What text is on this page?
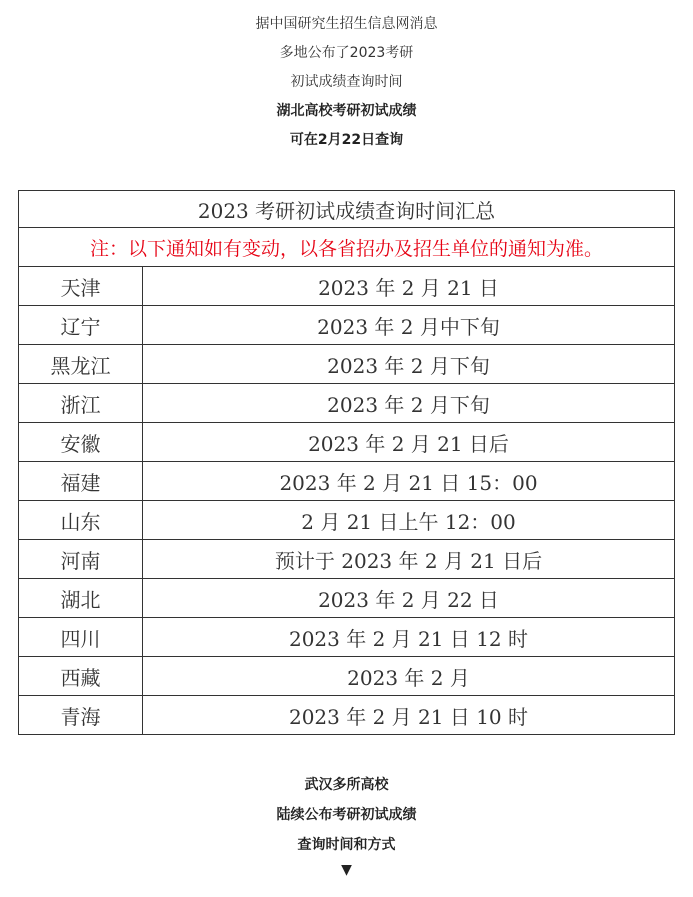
据中国研究生招生信息网消息
多地公布了2023考研
初试成绩查询时间
湖北高校考研初试成绩
可在2月22日查询
2023 考研初试成绩查询时间汇总	
注：以下通知如有变动，以各省招办及招生单位的通知为准。	
天津	2023 年 2 月 21 日
辽宁	2023 年 2 月中下旬
黑龙江	2023 年 2 月下旬
浙江	2023 年 2 月下旬
安徽	2023 年 2 月 21 日后
福建	2023 年 2 月 21 日 15：00
山东	2 月 21 日上午 12：00
河南	预计于 2023 年 2 月 21 日后
湖北	2023 年 2 月 22 日
四川	2023 年 2 月 21 日 12 时
西藏	2023 年 2 月
青海	2023 年 2 月 21 日 10 时
武汉多所高校
陆续公布考研初试成绩
查询时间和方式
▼
